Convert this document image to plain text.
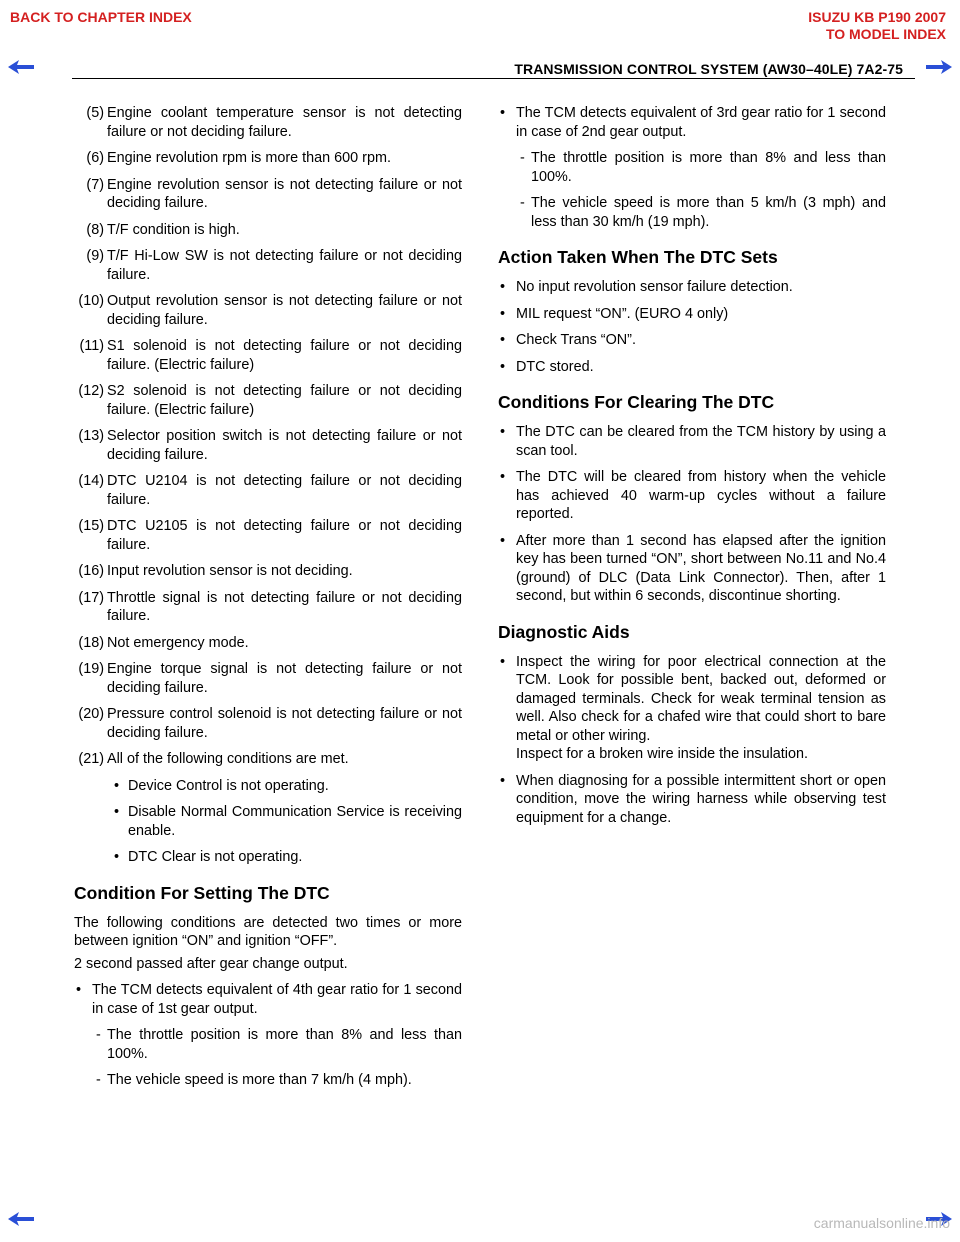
BACK TO CHAPTER INDEX	ISUZU KB P190 2007
TO MODEL INDEX
TRANSMISSION CONTROL SYSTEM (AW30–40LE) 7A2-75
(5) Engine coolant temperature sensor is not detecting failure or not deciding failure.
(6) Engine revolution rpm is more than 600 rpm.
(7) Engine revolution sensor is not detecting failure or not deciding failure.
(8) T/F condition is high.
(9) T/F Hi-Low SW is not detecting failure or not deciding failure.
(10) Output revolution sensor is not detecting failure or not deciding failure.
(11) S1 solenoid is not detecting failure or not deciding failure. (Electric failure)
(12) S2 solenoid is not detecting failure or not deciding failure. (Electric failure)
(13) Selector position switch is not detecting failure or not deciding failure.
(14) DTC U2104 is not detecting failure or not deciding failure.
(15) DTC U2105 is not detecting failure or not deciding failure.
(16) Input revolution sensor is not deciding.
(17) Throttle signal is not detecting failure or not deciding failure.
(18) Not emergency mode.
(19) Engine torque signal is not detecting failure or not deciding failure.
(20) Pressure control solenoid is not detecting failure or not deciding failure.
(21) All of the following conditions are met.
• Device Control is not operating.
• Disable Normal Communication Service is receiving enable.
• DTC Clear is not operating.
Condition For Setting The DTC

The following conditions are detected two times or more between ignition “ON” and ignition “OFF”.

2 second passed after gear change output.

• The TCM detects equivalent of 4th gear ratio for 1 second in case of 1st gear output.
- The throttle position is more than 8% and less than 100%.
- The vehicle speed is more than 7 km/h (4 mph).
• The TCM detects equivalent of 3rd gear ratio for 1 second in case of 2nd gear output.
- The throttle position is more than 8% and less than 100%.
- The vehicle speed is more than 5 km/h (3 mph) and less than 30 km/h (19 mph).
Action Taken When The DTC Sets
• No input revolution sensor failure detection.
• MIL request “ON”. (EURO 4 only)
• Check Trans “ON”.
• DTC stored.
Conditions For Clearing The DTC
• The DTC can be cleared from the TCM history by using a scan tool.
• The DTC will be cleared from history when the vehicle has achieved 40 warm-up cycles without a failure reported.
• After more than 1 second has elapsed after the ignition key has been turned “ON”, short between No.11 and No.4 (ground) of DLC (Data Link Connector). Then, after 1 second, but within 6 seconds, discontinue shorting.
Diagnostic Aids
• Inspect the wiring for poor electrical connection at the TCM. Look for possible bent, backed out, deformed or damaged terminals. Check for weak terminal tension as well. Also check for a chafed wire that could short to bare metal or other wiring.
Inspect for a broken wire inside the insulation.
• When diagnosing for a possible intermittent short or open condition, move the wiring harness while observing test equipment for a change.
carmanualsonline.info
